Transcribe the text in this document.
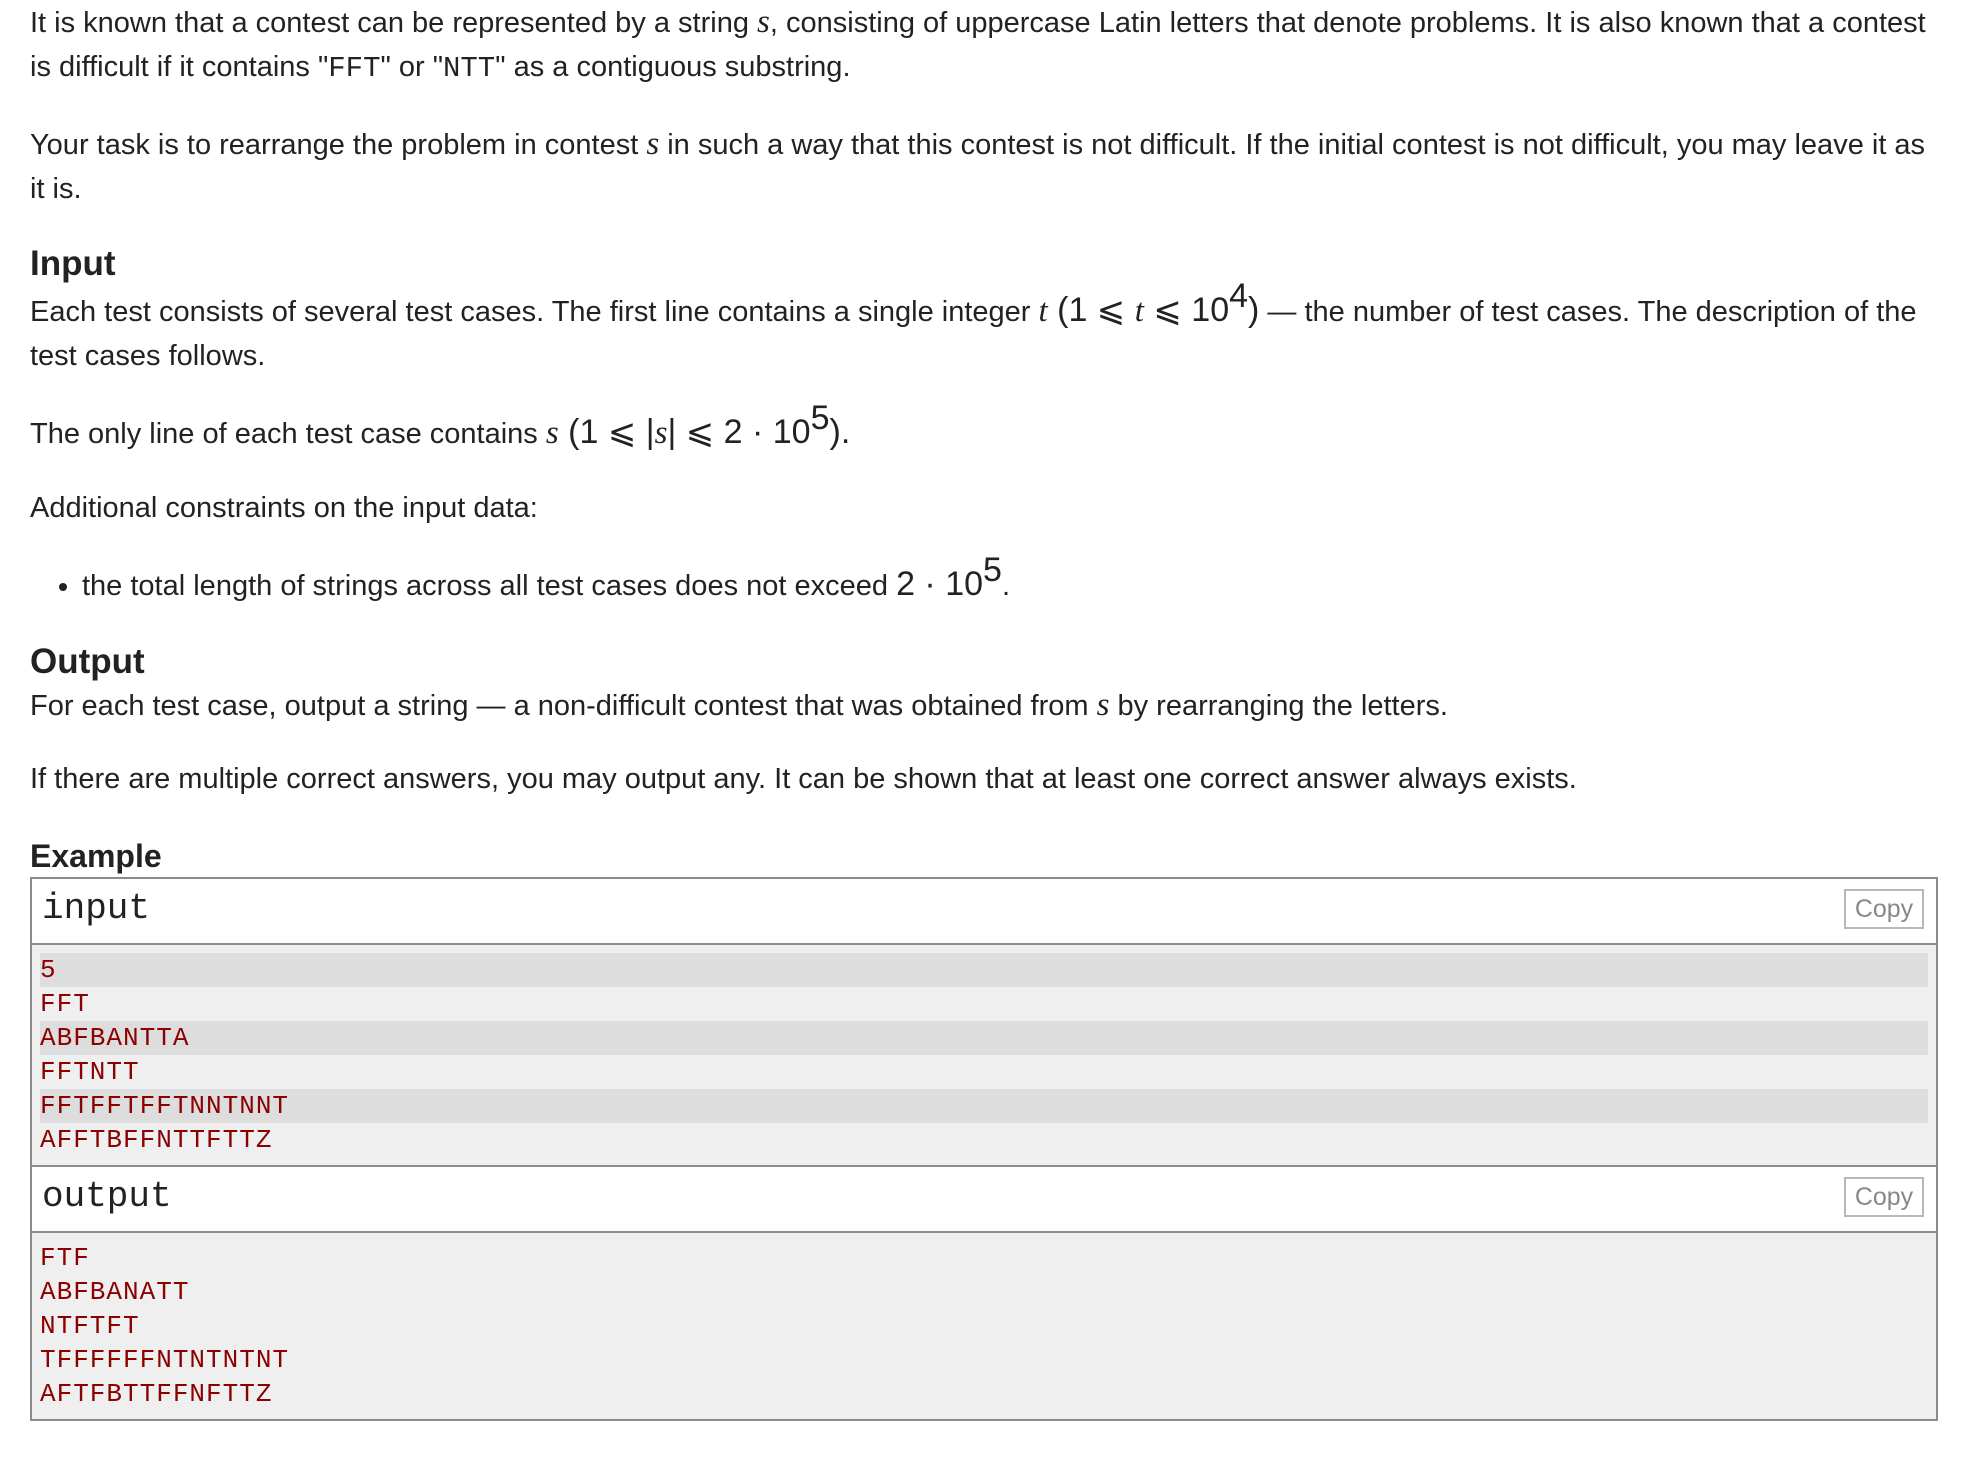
It is known that a contest can be represented by a string s, consisting of uppercase Latin letters that denote problems. It is also known that a contest is difficult if it contains "FFT" or "NTT" as a contiguous substring.

Your task is to rearrange the problem in contest s in such a way that this contest is not difficult. If the initial contest is not difficult, you may leave it as it is.

Input

Each test consists of several test cases. The first line contains a single integer t (1 ⩽ t ⩽ $10^4$) — the number of test cases. The description of the test cases follows.

The only line of each test case contains s (1 ⩽ |s| ⩽ $2 \cdot 10^5$).

Additional constraints on the input data:

• the total length of strings across all test cases does not exceed $2 \cdot 10^5$.
Output

For each test case, output a string — a non-difficult contest that was obtained from s by rearranging the letters.

If there are multiple correct answers, you may output any. It can be shown that at least one correct answer always exists.

Example
input	Copy
5
FFT
ABFBANTTA
FFTNTT
FFTFFTFFTNNTNNT
AFFTBFFNTTFTTZ
output	Copy
FTF
ABFBANATT
NTFTFT
TFFFFFFNTNTNTNT
AFTFBTTFFNFTTZ
